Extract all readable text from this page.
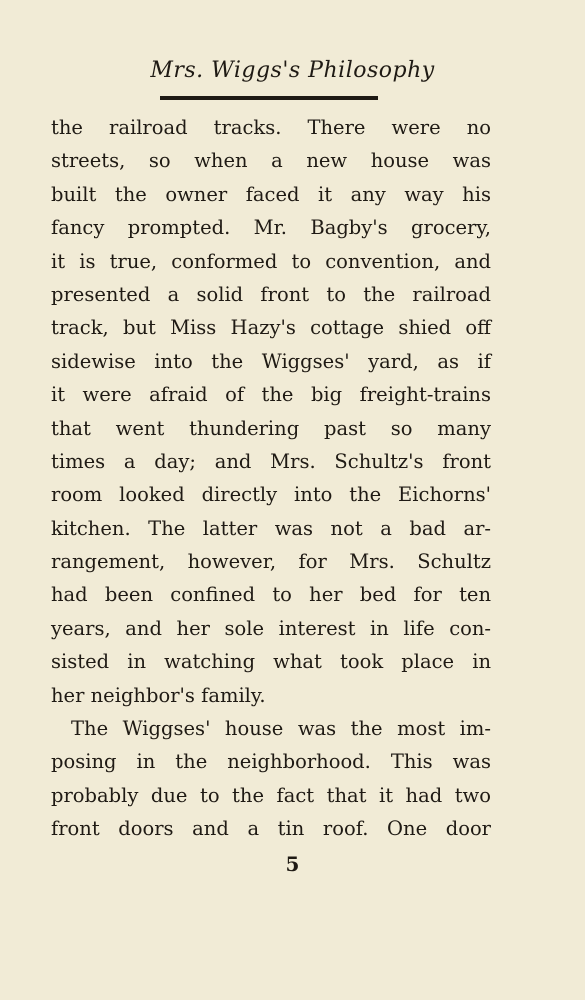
Mrs. Wiggs's Philosophy
the railroad tracks. There were no
streets, so when a new house was
built the owner faced it any way his
fancy prompted. Mr. Bagby's grocery,
it is true, conformed to convention, and
presented a solid front to the railroad
track, but Miss Hazy's cottage shied off
sidewise into the Wiggses' yard, as if
it were afraid of the big freight-trains
that went thundering past so many
times a day; and Mrs. Schultz's front
room looked directly into the Eichorns'
kitchen. The latter was not a bad ar-
rangement, however, for Mrs. Schultz
had been confined to her bed for ten
years, and her sole interest in life con-
sisted in watching what took place in
her neighbor's family.
The Wiggses' house was the most im-
posing in the neighborhood. This was
probably due to the fact that it had two
front doors and a tin roof. One door
5
